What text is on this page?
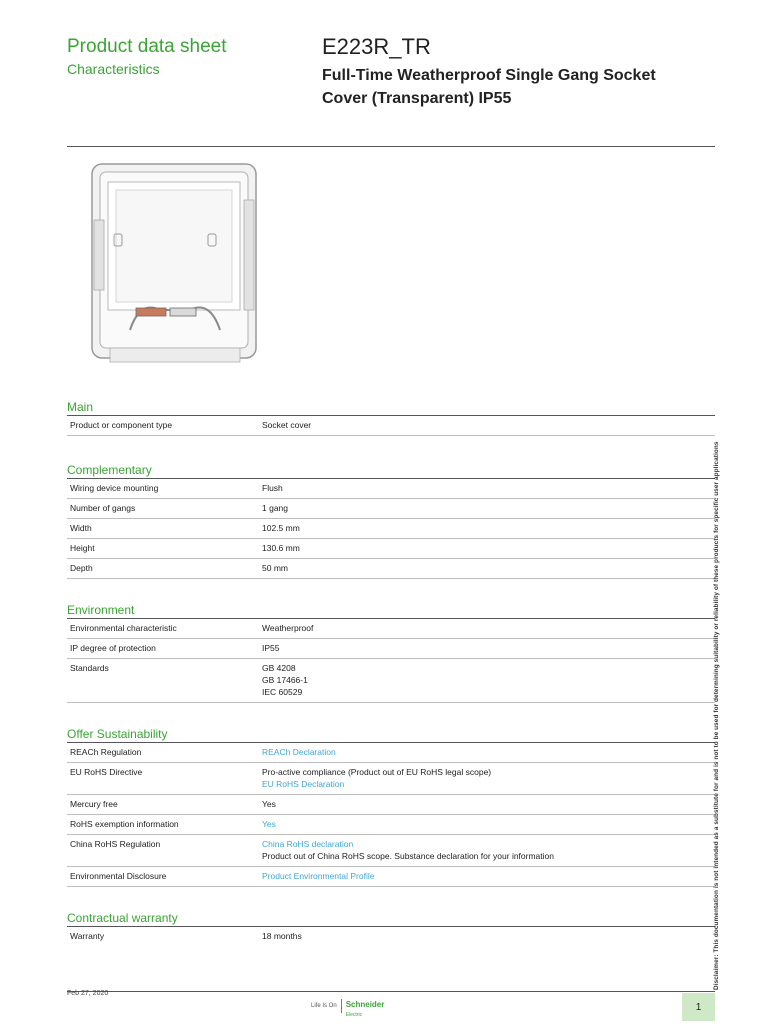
Product data sheet
Characteristics
E223R_TR
Full-Time Weatherproof Single Gang Socket Cover (Transparent) IP55
Main
Product or component type	Socket cover
Complementary
Wiring device mounting	Flush
Number of gangs	1 gang
Width	102.5 mm
Height	130.6 mm
Depth	50 mm
Environment
Environmental characteristic	Weatherproof
IP degree of protection	IP55
Standards	GB 4208
GB 17466-1
IEC 60529
Offer Sustainability
REACh Regulation	REACh Declaration
EU RoHS Directive	Pro-active compliance (Product out of EU RoHS legal scope)
EU RoHS Declaration
Mercury free	Yes
RoHS exemption information	Yes
China RoHS Regulation	China RoHS declaration
Product out of China RoHS scope. Substance declaration for your information
Environmental Disclosure	Product Environmental Profile
Contractual warranty
Warranty	18 months	Disclaimer: This documentation is not intended as a substitute for and is not to be used for determining suitability or reliability of these products for specific user applications
Feb 27, 2020
Life Is On Schneider
Electric
1
